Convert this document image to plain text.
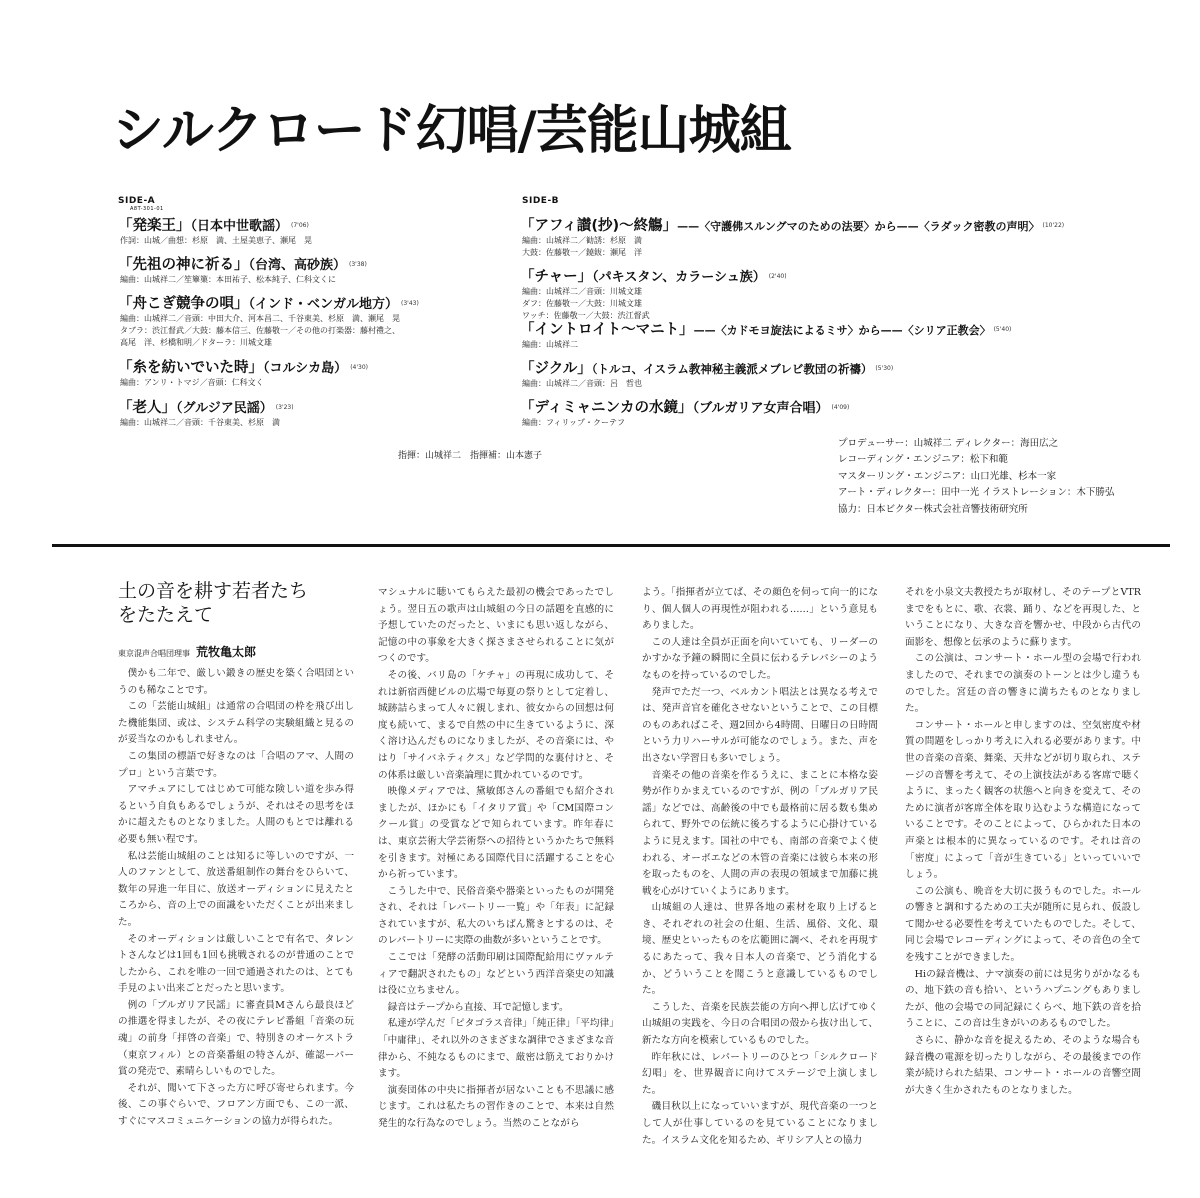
シルクロード幻唱/芸能山城組
SIDE-A
A8T-301-01
「発楽王」（日本中世歌謡） (7'06)
作詞：山城／曲想：杉原　満、土屋美恵子、瀬尾　晃
「先祖の神に祈る」（台湾、高砂族） (3'38)
編曲：山城祥二／笙篳篥：本田祐子、松本純子、仁科文くに
「舟こぎ競争の唄」（インド・ベンガル地方） (3'43)
編曲：山城祥二／音頭：中田大介、河本昌二、千谷東美、杉原　満、瀬尾　晃
タブラ：渋江督武／大鼓：藤本信三、佐藤敬一／その他の打楽器：藤村禮之、
高尾　洋、杉橋和明／ドターラ：川城文雄
「糸を紡いでいた時」（コルシカ島） (4'30)
編曲：アンリ・トマジ／音頭：仁科文く
「老人」（グルジア民謡） (3'23)
編曲：山城祥二／音頭：千谷東美、杉原　満
SIDE-B
「アフィ讃(抄)～終觴」——〈守護佛スルングマのための法要〉から——〈ラダック密教の声明〉 (10'22)
編曲：山城祥二／勧誘：杉原　満
大鼓：佐藤敬一／鐃鈸：瀬尾　洋
「チャー」（パキスタン、カラーシュ族） (2'40)
編曲：山城祥二／音頭：川城文雄
ダフ：佐藤敬一／大鼓：川城文雄
ワッチ：佐藤敬一／大鼓：渋江督武
「イントロイト～マニト」——〈カドモヨ旋法によるミサ〉から——〈シリア正教会〉 (5'40)
編曲：山城祥二
「ジクル」（トルコ、イスラム教神秘主義派メブレビ教団の祈禱） (5'30)
編曲：山城祥二／音頭：呂　哲也
「ディミャニンカの水鏡」（ブルガリア女声合唱） (4'09)
編曲：フィリップ・クーテフ
指揮：山城祥二　指揮補：山本憲子
プロデューサー：山城祥二 ディレクター：海田広之
レコーディング・エンジニア：松下和範
マスターリング・エンジニア：山口光雄、杉本一家
アート・ディレクター：田中一光 イラストレーション：木下勝弘
協力：日本ビクター株式会社音響技術研究所
土の音を耕す若者たち
をたたえて
東京混声合唱団理事 荒牧亀太郎

僕かも二年で、厳しい鍛きの歴史を築く合唱団というのも稀なことです。

この「芸能山城組」は通常の合唱団の枠を飛び出した機能集団、或は、システム科学の実験組織と見るのが妥当なのかもしれません。

この集団の標語で好きなのは「合唱のアマ、人間のプロ」という言葉です。

アマチュアにしてはじめて可能な険しい道を歩み得るという自負もあるでしょうが、それはその思考をほかに超えたものとなりました。人間のもとでは離れる必要も無い程です。

私は芸能山城組のことは知るに等しいのですが、一人のファンとして、放送番組制作の舞台をひらいて、数年の昇進一年目に、放送オーディションに見えたところから、音の上での面識をいただくことが出来ました。

そのオーディションは厳しいことで有名で、タレントさんなどは1回も1回も挑戦されるのが普通のことでしたから、これを唯の一回で通過されたのは、とても手見のよい出来ごとだったと思います。

例の「ブルガリア民謡」に審査員Mさんら最良ほどの推選を得ましたが、その夜にテレビ番組「音楽の玩魂」の前身「拝啓の音楽」で、特別きのオーケストラ（東京フィル）との音楽番組の特さんが、確認ーパー賞の発売で、素晴らしいものでした。

それが、聞いて下さった方に呼び寄せられます。今後、この事ぐらいで、フロアン方面でも、この一派、すぐにマスコミュニケーションの協力が得られた。

マシュナルに聴いてもらえた最初の機会であったでしょう。翌日五の歌声は山城組の今日の話題を直感的に予想していたのだったと、いまにも思い返しながら、記憶の中の事象を大きく探さまさせられることに気がつくのです。

その後、バリ島の「ケチャ」の再現に成功して、それは新宿西健ビルの広場で毎夏の祭りとして定着し、城跡詰らまって人々に親しまれ、彼女からの回想は何度も続いて、まるで自然の中に生きているように、深く溶け込んだものになりましたが、その音楽には、やはり「サイバネティクス」など学問的な裏付けと、その体系は厳しい音楽論理に貫かれているのです。

映像メディアでは、黛敏郎さんの番組でも紹介されましたが、ほかにも「イタリア賞」や「CM国際コンクール賞」の受賞などで知られています。昨年春には、東京芸術大学芸術祭への招待というかたちで無料を引きます。対極にある国際代目に活躍することを心から祈っています。

こうした中で、民俗音楽や器楽といったものが開発され、それは「レパートリー一覧」や「年表」に記録されていますが、私大のいちばん驚きとするのは、そのレパートリーに実際の曲数が多いということです。

ここでは「発酵の活動印刷は国際配給用にヴァルティアで翻訳されたもの」などという西洋音楽史の知識は役に立ちません。

録音はテープから直接、耳で記憶します。

私達が学んだ「ピタゴラス音律」「純正律」「平均律」「中庸律」、それ以外のさまざまな調律でさまざまな音律から、不純なるものにまで、厳密は筋えておりかけます。

演奏団体の中央に指揮者が居ないことも不思議に感じます。これは私たちの習作きのことで、本来は自然発生的な行為なのでしょう。当然のことながら

よう。「指揮者が立てば、その顔色を伺って向一的になり、個人個人の再現性が阻われる……」という意見もありました。

この人達は全員が正面を向いていても、リーダーのかすかな予鐘の瞬間に全員に伝わるテレパシーのようなものを持っているのでした。

発声でただ一つ、ベルカント唱法とは異なる考えでは、発声音官を確化させないということで、この目標のものあればこそ、週2回から4時間、日曜日の日時間という力リハーサルが可能なのでしょう。また、声を出さない学習日も多いでしょう。

音楽その他の音楽を作るうえに、まことに本格な姿勢が作りかまえているのですが、例の「ブルガリア民謡」などでは、高齢後の中でも最格前に居る数も集められて、野外での伝統に後ろするように心掛けているように見えます。国社の中でも、南部の音楽でよく使われる、オーボエなどの木管の音楽には彼ら本来の形を取ったものを、人間の声の表現の領域まで加藤に挑戦を心がけていくようにあります。

山城組の人達は、世界各地の素材を取り上げるとき、それぞれの社会の仕組、生活、風俗、文化、環境、歴史といったものを広範囲に調べ、それを再現するにあたって、我々日本人の音楽で、どう消化するか、どういうことを聞こうと意識しているものでした。

こうした、音楽を民族芸能の方向へ押し広げてゆく山城組の実践を、今日の合唱団の殻から抜け出して、新たな方向を模索しているものでした。

昨年秋には、レパートリーのひとつ「シルクロード幻唱」を、世界観音に向けてステージで上演しました。

磯目秋以上になっていいますが、現代音楽の一つとして人が仕事しているのを見ていることになりました。イスラム文化を知るため、ギリシア人との協力

それを小泉文夫教授たちが取材し、そのテープとVTRまでをもとに、歌、衣裳、踊り、などを再現した、ということになり、大きな音を響かせ、中段から古代の面影を、想像と伝承のように蘇ります。

この公演は、コンサート・ホール型の会場で行われましたので、それまでの演奏のトーンとは少し違うものでした。宮廷の音の響きに満ちたものとなりました。

コンサート・ホールと申しますのは、空気密度や材質の問題をしっかり考えに入れる必要があります。中世の音楽の音楽、舞楽、天井などが切り取られ、ステージの音響を考えて、その上演技法がある客席で聴くように、まったく観客の状態へと向きを変えて、そのために演者が客席全体を取り込むような構造になっていることです。そのことによって、ひらかれた日本の声楽とは根本的に異なっているのです。それは音の「密度」によって「音が生きている」といっていいでしょう。

この公演も、晩音を大切に扱うものでした。ホールの響きと調和するための工夫が随所に見られ、仮設して聞かせる必要性を考えていたものでした。そして、同じ会場でレコーディングによって、その音色の全てを残すことができました。

Hiの録音機は、ナマ演奏の前には見劣りがかなるもの、地下鉄の音も拾い、というハプニングもありましたが、他の会場での同記録にくらべ、地下鉄の音を拾うことに、この音は生きがいのあるものでした。

さらに、静かな音を捉えるため、そのような場合も録音機の電源を切ったりしながら、その最後までの作業が続けられた結果、コンサート・ホールの音響空間が大きく生かされたものとなりました。
